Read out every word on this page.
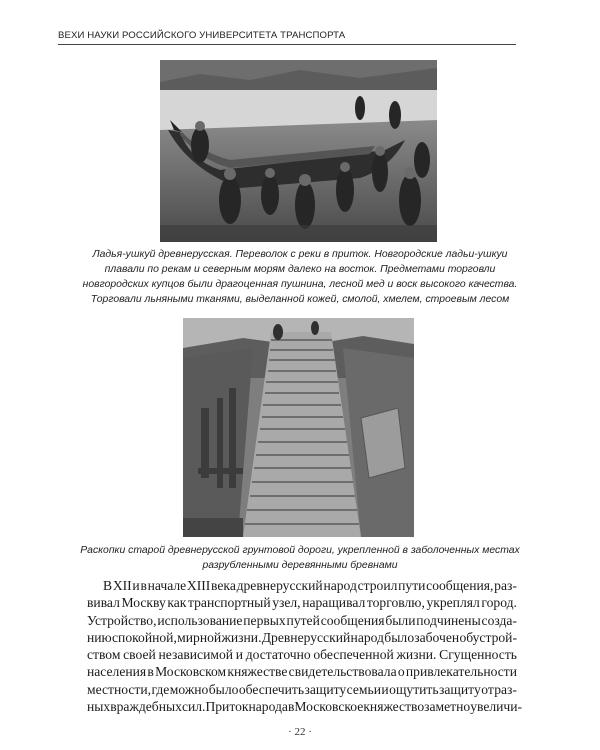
ВЕХИ НАУКИ РОССИЙСКОГО УНИВЕРСИТЕТА ТРАНСПОРТА
Ладья-ушкуй древнерусская. Переволок с реки в приток. Новгородские ладьи-ушкуи
плавали по рекам и северным морям далеко на восток. Предметами торговли
новгородских купцов были драгоценная пушнина, лесной мед и воск высокого качества.
Торговали льняными тканями, выделанной кожей, смолой, хмелем, строевым лесом
Раскопки старой древнерусской грунтовой дороги, укрепленной в заболоченных местах
разрубленными деревянными бревнами
В XII и в начале XIII века древнерусский народ строил пути сообщения, раз-
вивал Москву как транспортный узел, наращивал торговлю, укреплял город.
Устройство, использование первых путей сообщения были подчинены созда-
нию спокойной, мирной жизни. Древнерусский народ был озабочен обустрой-
ством своей независимой и достаточно обеспеченной жизни. Сгущенность
населения в Московском княжестве свидетельствовала о привлекательности
местности, где можно было обеспечить защиту семьи и ощутить защиту от раз-
ных враждебных сил. Приток народа в Московское княжество заметно увеличи-
· 22 ·
